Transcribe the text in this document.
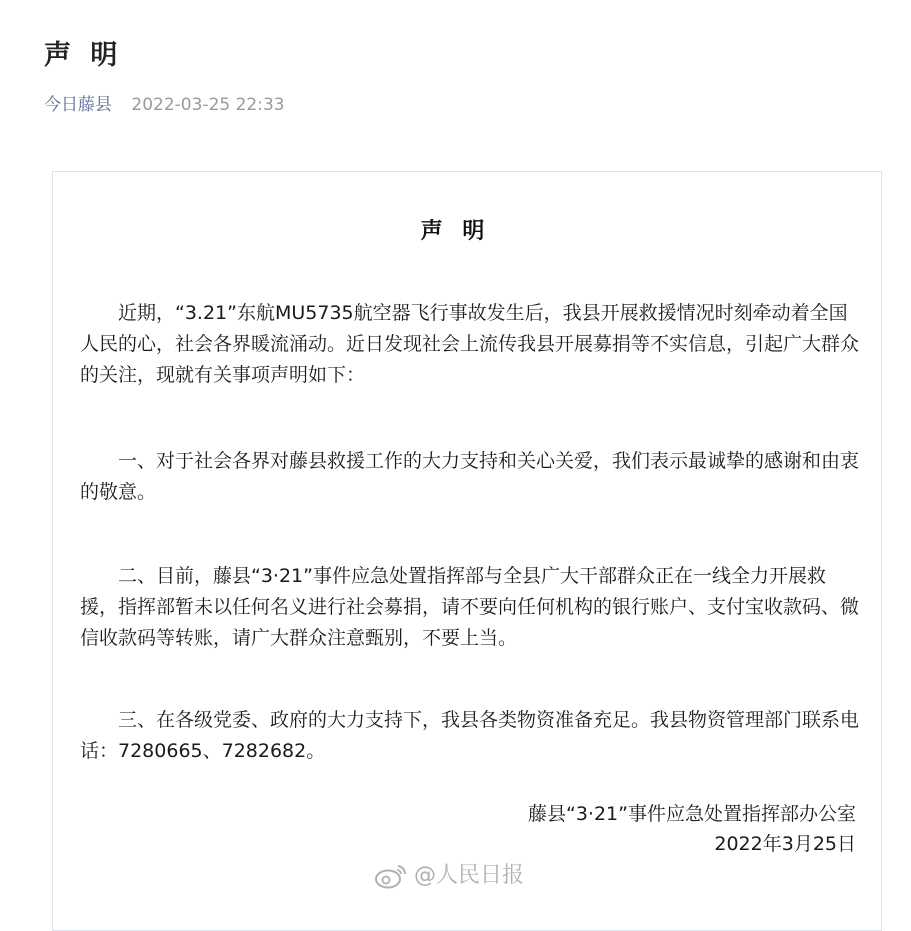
声 明
今日藤县 2022-03-25 22:33
声 明

近期，“3.21”东航MU5735航空器飞行事故发生后，我县开展救援情况时刻牵动着全国人民的心，社会各界暖流涌动。近日发现社会上流传我县开展募捐等不实信息，引起广大群众的关注，现就有关事项声明如下：

一、对于社会各界对藤县救援工作的大力支持和关心关爱，我们表示最诚挚的感谢和由衷的敬意。

二、目前，藤县“3·21”事件应急处置指挥部与全县广大干部群众正在一线全力开展救援，指挥部暂未以任何名义进行社会募捐，请不要向任何机构的银行账户、支付宝收款码、微信收款码等转账，请广大群众注意甄别，不要上当。

三、在各级党委、政府的大力支持下，我县各类物资准备充足。我县物资管理部门联系电话：7280665、7282682。

藤县“3·21”事件应急处置指挥部办公室
2022年3月25日
@人民日报
